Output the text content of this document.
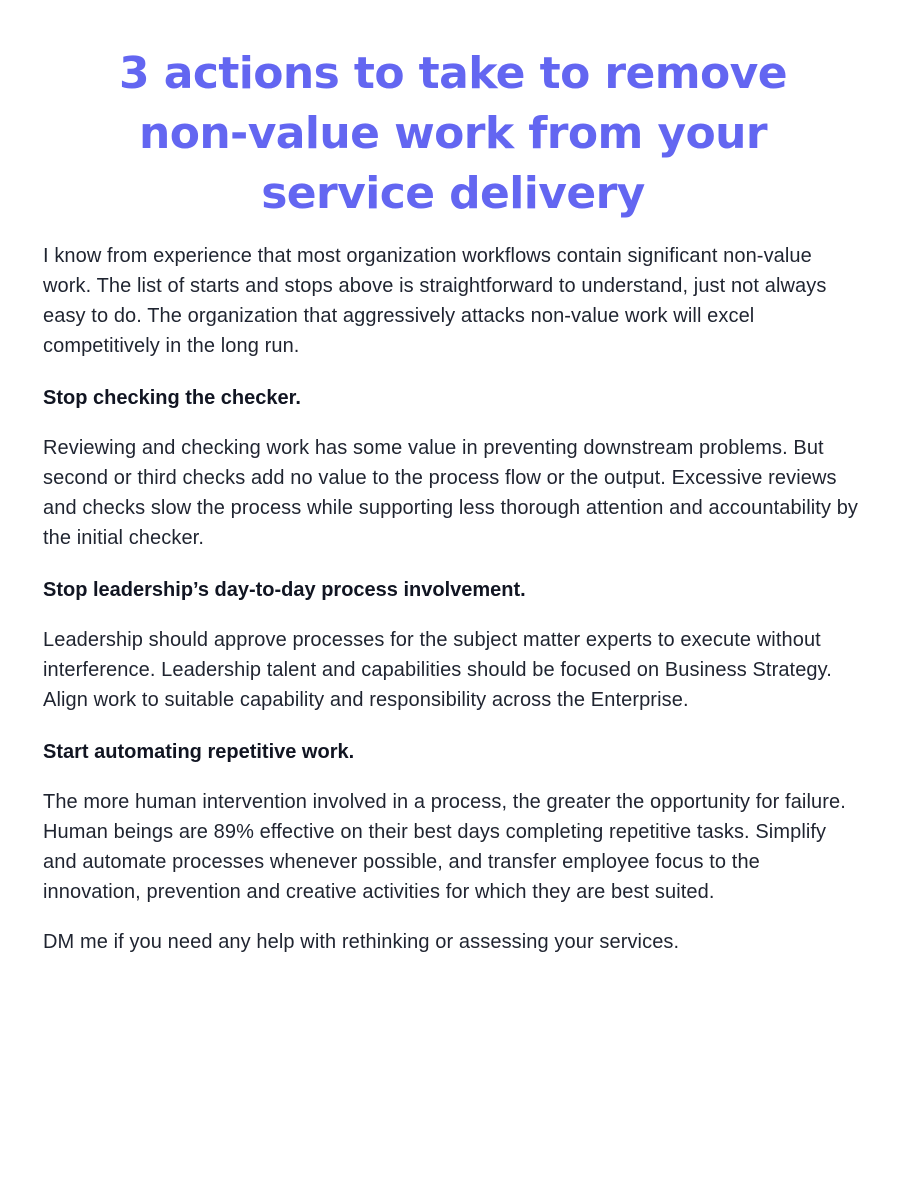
3 actions to take to remove non-value work from your service delivery

I know from experience that most organization workflows contain significant non-value work. The list of starts and stops above is straightforward to understand, just not always easy to do. The organization that aggressively attacks non-value work will excel competitively in the long run.

Stop checking the checker.

Reviewing and checking work has some value in preventing downstream problems. But second or third checks add no value to the process flow or the output. Excessive reviews and checks slow the process while supporting less thorough attention and accountability by the initial checker.

Stop leadership’s day-to-day process involvement.

Leadership should approve processes for the subject matter experts to execute without interference. Leadership talent and capabilities should be focused on Business Strategy. Align work to suitable capability and responsibility across the Enterprise.

Start automating repetitive work.

The more human intervention involved in a process, the greater the opportunity for failure. Human beings are 89% effective on their best days completing repetitive tasks. Simplify and automate processes whenever possible, and transfer employee focus to the innovation, prevention and creative activities for which they are best suited.

DM me if you need any help with rethinking or assessing your services.
